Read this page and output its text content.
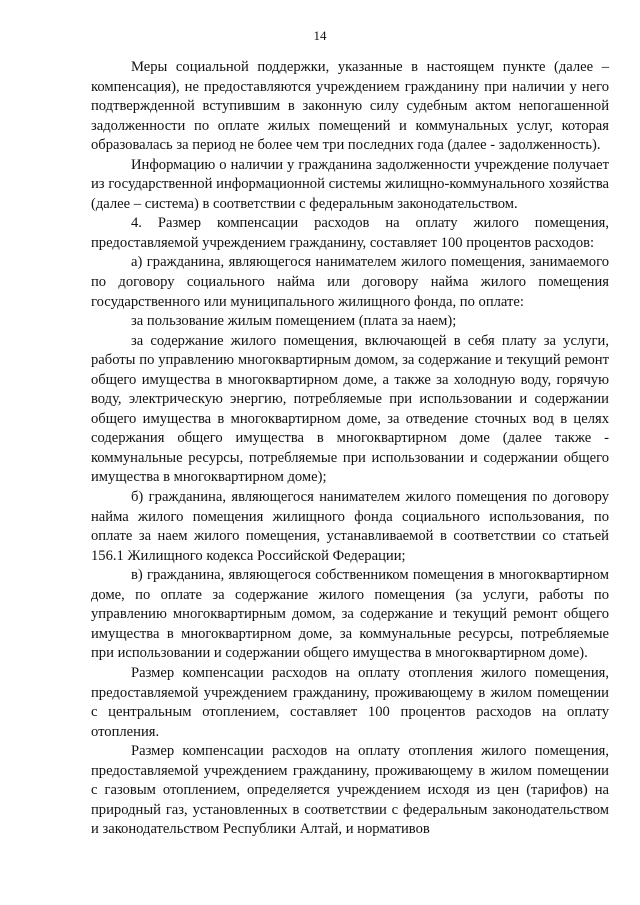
14

Меры социальной поддержки, указанные в настоящем пункте (далее – компенсация), не предоставляются учреждением гражданину при наличии у него подтвержденной вступившим в законную силу судебным актом непогашенной задолженности по оплате жилых помещений и коммунальных услуг, которая образовалась за период не более чем три последних года (далее - задолженность).

Информацию о наличии у гражданина задолженности учреждение получает из государственной информационной системы жилищно-коммунального хозяйства (далее – система) в соответствии с федеральным законодательством.

4. Размер компенсации расходов на оплату жилого помещения, предоставляемой учреждением гражданину, составляет 100 процентов расходов:

а) гражданина, являющегося нанимателем жилого помещения, занимаемого по договору социального найма или договору найма жилого помещения государственного или муниципального жилищного фонда, по оплате:

за пользование жилым помещением (плата за наем);

за содержание жилого помещения, включающей в себя плату за услуги, работы по управлению многоквартирным домом, за содержание и текущий ремонт общего имущества в многоквартирном доме, а также за холодную воду, горячую воду, электрическую энергию, потребляемые при использовании и содержании общего имущества в многоквартирном доме, за отведение сточных вод в целях содержания общего имущества в многоквартирном доме (далее также - коммунальные ресурсы, потребляемые при использовании и содержании общего имущества в многоквартирном доме);

б) гражданина, являющегося нанимателем жилого помещения по договору найма жилого помещения жилищного фонда социального использования, по оплате за наем жилого помещения, устанавливаемой в соответствии со статьей 156.1 Жилищного кодекса Российской Федерации;

в) гражданина, являющегося собственником помещения в многоквартирном доме, по оплате за содержание жилого помещения (за услуги, работы по управлению многоквартирным домом, за содержание и текущий ремонт общего имущества в многоквартирном доме, за коммунальные ресурсы, потребляемые при использовании и содержании общего имущества в многоквартирном доме).

Размер компенсации расходов на оплату отопления жилого помещения, предоставляемой учреждением гражданину, проживающему в жилом помещении с центральным отоплением, составляет 100 процентов расходов на оплату отопления.

Размер компенсации расходов на оплату отопления жилого помещения, предоставляемой учреждением гражданину, проживающему в жилом помещении с газовым отоплением, определяется учреждением исходя из цен (тарифов) на природный газ, установленных в соответствии с федеральным законодательством и законодательством Республики Алтай, и нормативов
